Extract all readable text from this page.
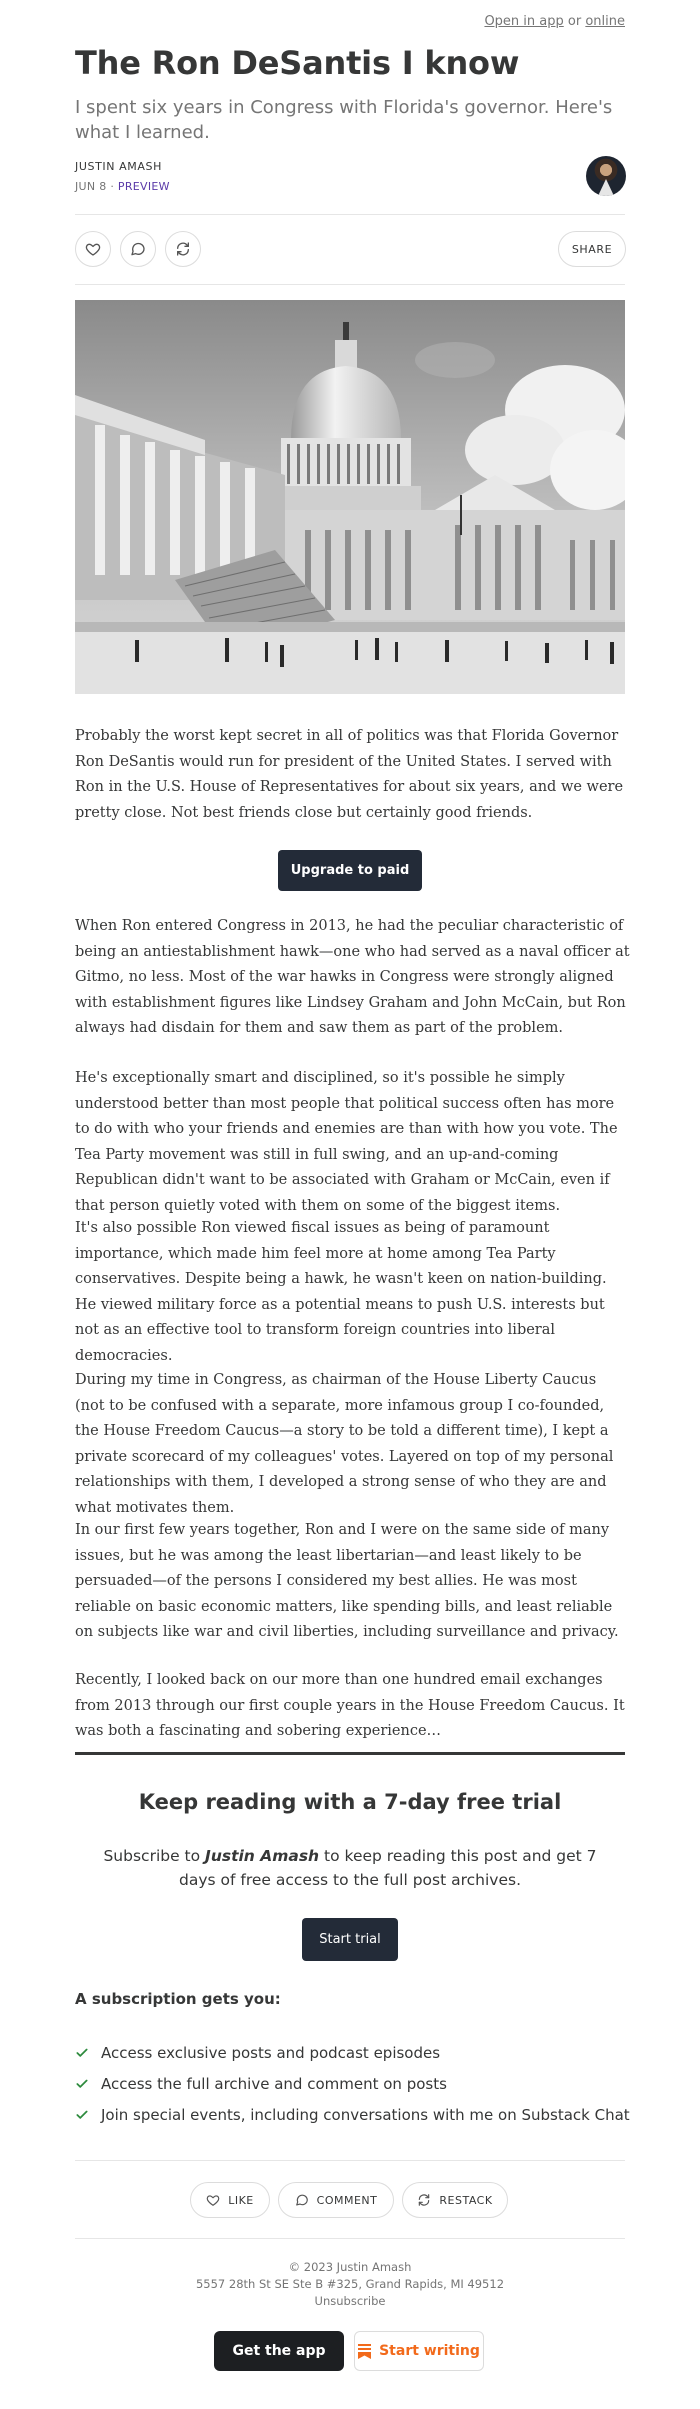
Open in app or online
The Ron DeSantis I know

I spent six years in Congress with Florida's governor. Here's what I learned.

JUSTIN AMASH
JUN 8 · PREVIEW
SHARE

Probably the worst kept secret in all of politics was that Florida Governor Ron DeSantis would run for president of the United States. I served with Ron in the U.S. House of Representatives for about six years, and we were pretty close. Not best friends close but certainly good friends.

Upgrade to paid

When Ron entered Congress in 2013, he had the peculiar characteristic of being an antiestablishment hawk—one who had served as a naval officer at Gitmo, no less. Most of the war hawks in Congress were strongly aligned with establishment figures like Lindsey Graham and John McCain, but Ron always had disdain for them and saw them as part of the problem.

He's exceptionally smart and disciplined, so it's possible he simply understood better than most people that political success often has more to do with who your friends and enemies are than with how you vote. The Tea Party movement was still in full swing, and an up-and-coming Republican didn't want to be associated with Graham or McCain, even if that person quietly voted with them on some of the biggest items.

It's also possible Ron viewed fiscal issues as being of paramount importance, which made him feel more at home among Tea Party conservatives. Despite being a hawk, he wasn't keen on nation-building. He viewed military force as a potential means to push U.S. interests but not as an effective tool to transform foreign countries into liberal democracies.

During my time in Congress, as chairman of the House Liberty Caucus (not to be confused with a separate, more infamous group I co-founded, the House Freedom Caucus—a story to be told a different time), I kept a private scorecard of my colleagues' votes. Layered on top of my personal relationships with them, I developed a strong sense of who they are and what motivates them.

In our first few years together, Ron and I were on the same side of many issues, but he was among the least libertarian—and least likely to be persuaded—of the persons I considered my best allies. He was most reliable on basic economic matters, like spending bills, and least reliable on subjects like war and civil liberties, including surveillance and privacy.

Recently, I looked back on our more than one hundred email exchanges from 2013 through our first couple years in the House Freedom Caucus. It was both a fascinating and sobering experience…

Keep reading with a 7-day free trial

Subscribe to Justin Amash to keep reading this post and get 7 days of free access to the full post archives.

Start trial
A subscription gets you:
Access exclusive posts and podcast episodes
Access the full archive and comment on posts
Join special events, including conversations with me on Substack Chat
LIKE	COMMENT	RESTACK
© 2023 Justin Amash
5557 28th St SE Ste B #325, Grand Rapids, MI 49512
Unsubscribe
Get the app	Start writing
